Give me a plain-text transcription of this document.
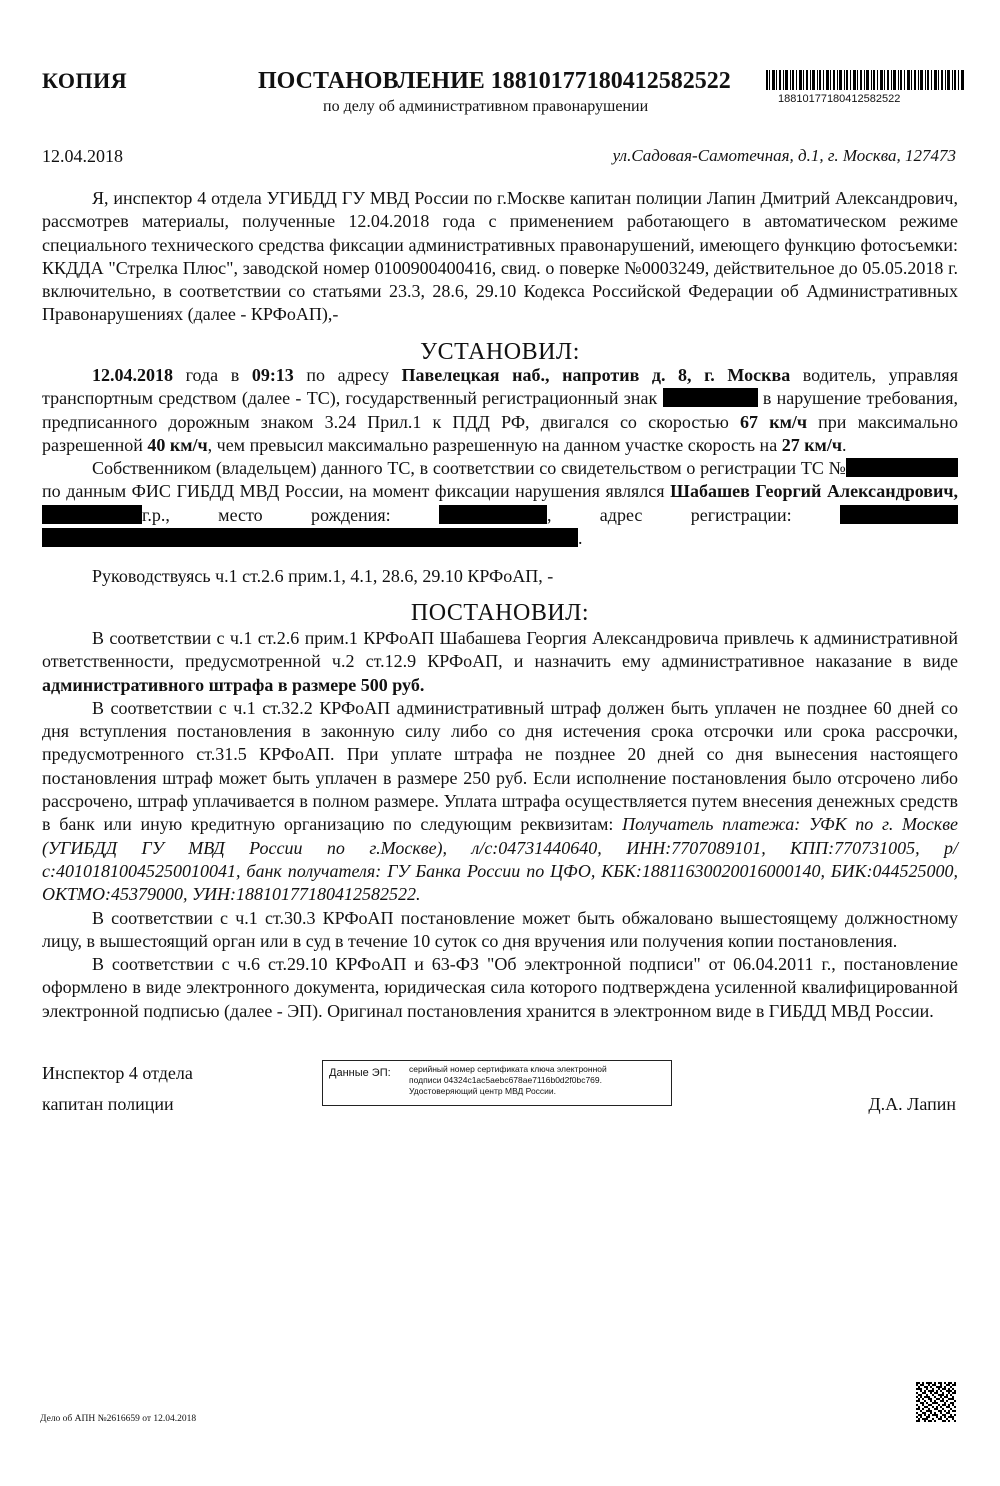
КОПИЯ	ПОСТАНОВЛЕНИЕ 18810177180412582522
по делу об административном правонарушении	18810177180412582522
12.04.2018	ул.Садовая-Самотечная, д.1, г. Москва, 127473

Я, инспектор 4 отдела УГИБДД ГУ МВД России по г.Москве капитан полиции Лапин Дмитрий Александрович, рассмотрев материалы, полученные 12.04.2018 года с применением работающего в автоматическом режиме специального технического средства фиксации административных правонарушений, имеющего функцию фотосъемки: ККДДА "Стрелка Плюс", заводской номер 0100900400416, свид. о поверке №0003249, действительное до 05.05.2018 г. включительно, в соответствии со статьями 23.3, 28.6, 29.10 Кодекса Российской Федерации об Административных Правонарушениях (далее - КРФоАП),-

УСТАНОВИЛ:

12.04.2018 года в 09:13 по адресу Павелецкая наб., напротив д. 8, г. Москва водитель, управляя транспортным средством (далее - ТС), государственный регистрационный знак	в нарушение требования, предписанного дорожным знаком 3.24 Прил.1 к ПДД РФ, двигался со скоростью 67 км/ч при максимально разрешенной 40 км/ч, чем превысил максимально разрешенную на данном участке скорость на 27 км/ч.

Собственником (владельцем) данного ТС, в соответствии со свидетельством о регистрации ТС № по данным ФИС ГИБДД МВД России, на момент фиксации нарушения являлся Шабашев Георгий Александрович, г.р., место рождения:	, адрес регистрации:  .

Руководствуясь ч.1 ст.2.6 прим.1, 4.1, 28.6, 29.10 КРФоАП, -

ПОСТАНОВИЛ:

В соответствии с ч.1 ст.2.6 прим.1 КРФоАП Шабашева Георгия Александровича привлечь к административной ответственности, предусмотренной ч.2 ст.12.9 КРФоАП, и назначить ему административное наказание в виде административного штрафа в размере 500 руб.

В соответствии с ч.1 ст.32.2 КРФоАП административный штраф должен быть уплачен не позднее 60 дней со дня вступления постановления в законную силу либо со дня истечения срока отсрочки или срока рассрочки, предусмотренного ст.31.5 КРФоАП. При уплате штрафа не позднее 20 дней со дня вынесения настоящего постановления штраф может быть уплачен в размере 250 руб. Если исполнение постановления было отсрочено либо рассрочено, штраф уплачивается в полном размере. Уплата штрафа осуществляется путем внесения денежных средств в банк или иную кредитную организацию по следующим реквизитам: Получатель платежа: УФК по г. Москве (УГИБДД ГУ МВД России по г.Москве), л/с:04731440640, ИНН:7707089101, КПП:770731005, р/с:40101810045250010041, банк получателя: ГУ Банка России по ЦФО, КБК:18811630020016000140, БИК:044525000, ОКТМО:45379000, УИН:18810177180412582522.

В соответствии с ч.1 ст.30.3 КРФоАП постановление может быть обжаловано вышестоящему должностному лицу, в вышестоящий орган или в суд в течение 10 суток со дня вручения или получения копии постановления.

В соответствии с ч.6 ст.29.10 КРФоАП и 63-ФЗ "Об электронной подписи" от 06.04.2011 г., постановление оформлено в виде электронного документа, юридическая сила которого подтверждена усиленной квалифицированной электронной подписью (далее - ЭП). Оригинал постановления хранится в электронном виде в ГИБДД МВД России.

Инспектор 4 отдела
капитан полиции	Д.А. Лапин
Данные ЭП: серийный номер сертификата ключа электронной
подписи 04324c1ac5aebc678ae7116b0d2f0bc769.
Удостоверяющий центр МВД России.
Дело об АПН №2616659 от 12.04.2018
